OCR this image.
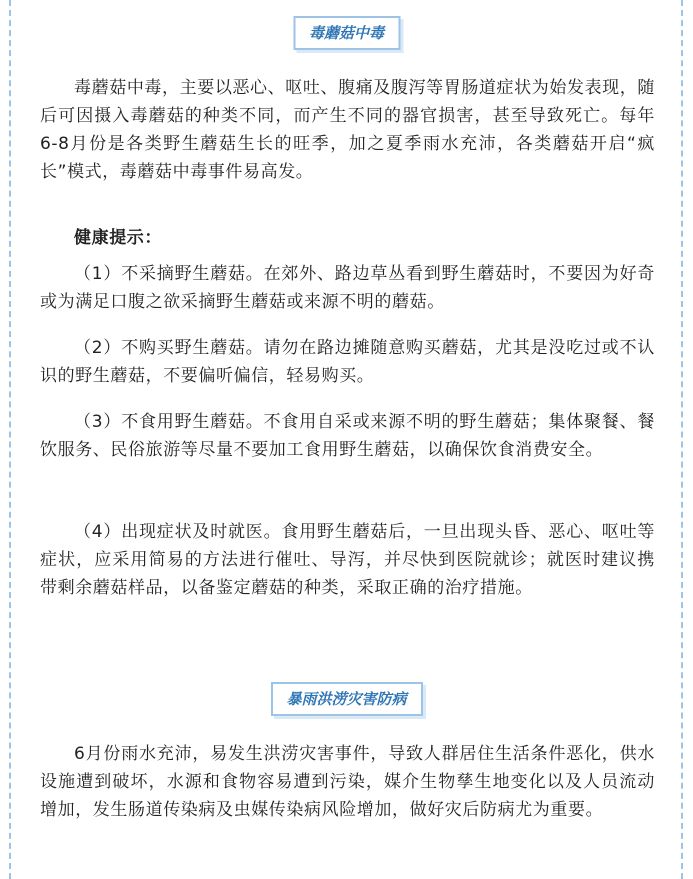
毒蘑菇中毒

毒蘑菇中毒，主要以恶心、呕吐、腹痛及腹泻等胃肠道症状为始发表现，随后可因摄入毒蘑菇的种类不同，而产生不同的器官损害，甚至导致死亡。每年6-8月份是各类野生蘑菇生长的旺季，加之夏季雨水充沛，各类蘑菇开启“疯长”模式，毒蘑菇中毒事件易高发。

健康提示：

（1）不采摘野生蘑菇。在郊外、路边草丛看到野生蘑菇时，不要因为好奇或为满足口腹之欲采摘野生蘑菇或来源不明的蘑菇。

（2）不购买野生蘑菇。请勿在路边摊随意购买蘑菇，尤其是没吃过或不认识的野生蘑菇，不要偏听偏信，轻易购买。

（3）不食用野生蘑菇。不食用自采或来源不明的野生蘑菇；集体聚餐、餐饮服务、民俗旅游等尽量不要加工食用野生蘑菇，以确保饮食消费安全。

（4）出现症状及时就医。食用野生蘑菇后，一旦出现头昏、恶心、呕吐等症状，应采用简易的方法进行催吐、导泻，并尽快到医院就诊；就医时建议携带剩余蘑菇样品，以备鉴定蘑菇的种类，采取正确的治疗措施。

暴雨洪涝灾害防病

6月份雨水充沛，易发生洪涝灾害事件，导致人群居住生活条件恶化，供水设施遭到破坏，水源和食物容易遭到污染，媒介生物孳生地变化以及人员流动增加，发生肠道传染病及虫媒传染病风险增加，做好灾后防病尤为重要。
